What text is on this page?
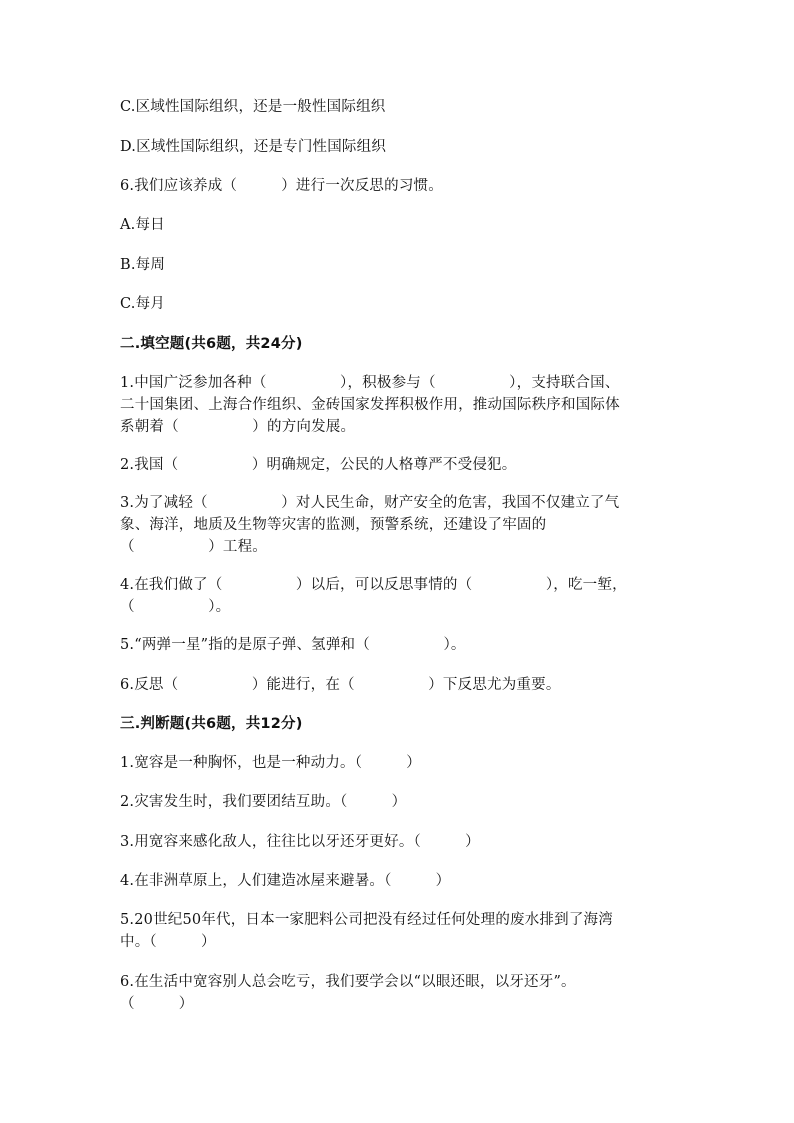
C.区域性国际组织，还是一般性国际组织
D.区域性国际组织，还是专门性国际组织
6.我们应该养成（　　　）进行一次反思的习惯。
A.每日
B.每周
C.每月
二.填空题(共6题，共24分)
1.中国广泛参加各种（　　　　　），积极参与（　　　　　），支持联合国、
二十国集团、上海合作组织、金砖国家发挥积极作用，推动国际秩序和国际体
系朝着（　　　　　）的方向发展。
2.我国（　　　　　）明确规定，公民的人格尊严不受侵犯。
3.为了减轻（　　　　　）对人民生命，财产安全的危害，我国不仅建立了气
象、海洋，地质及生物等灾害的监测，预警系统，还建设了牢固的
（　　　　　）工程。
4.在我们做了（　　　　　）以后，可以反思事情的（　　　　　），吃一堑，
（　　　　　）。
5.“两弹一星”指的是原子弹、氢弹和（　　　　　）。
6.反思（　　　　　）能进行，在（　　　　　）下反思尤为重要。
三.判断题(共6题，共12分)
1.宽容是一种胸怀，也是一种动力。（　　　）
2.灾害发生时，我们要团结互助。（　　　）
3.用宽容来感化敌人，往往比以牙还牙更好。（　　　）
4.在非洲草原上，人们建造冰屋来避暑。（　　　）
5.20世纪50年代，日本一家肥料公司把没有经过任何处理的废水排到了海湾
中。（　　　）
6.在生活中宽容别人总会吃亏，我们要学会以“以眼还眼，以牙还牙”。
（　　　）
